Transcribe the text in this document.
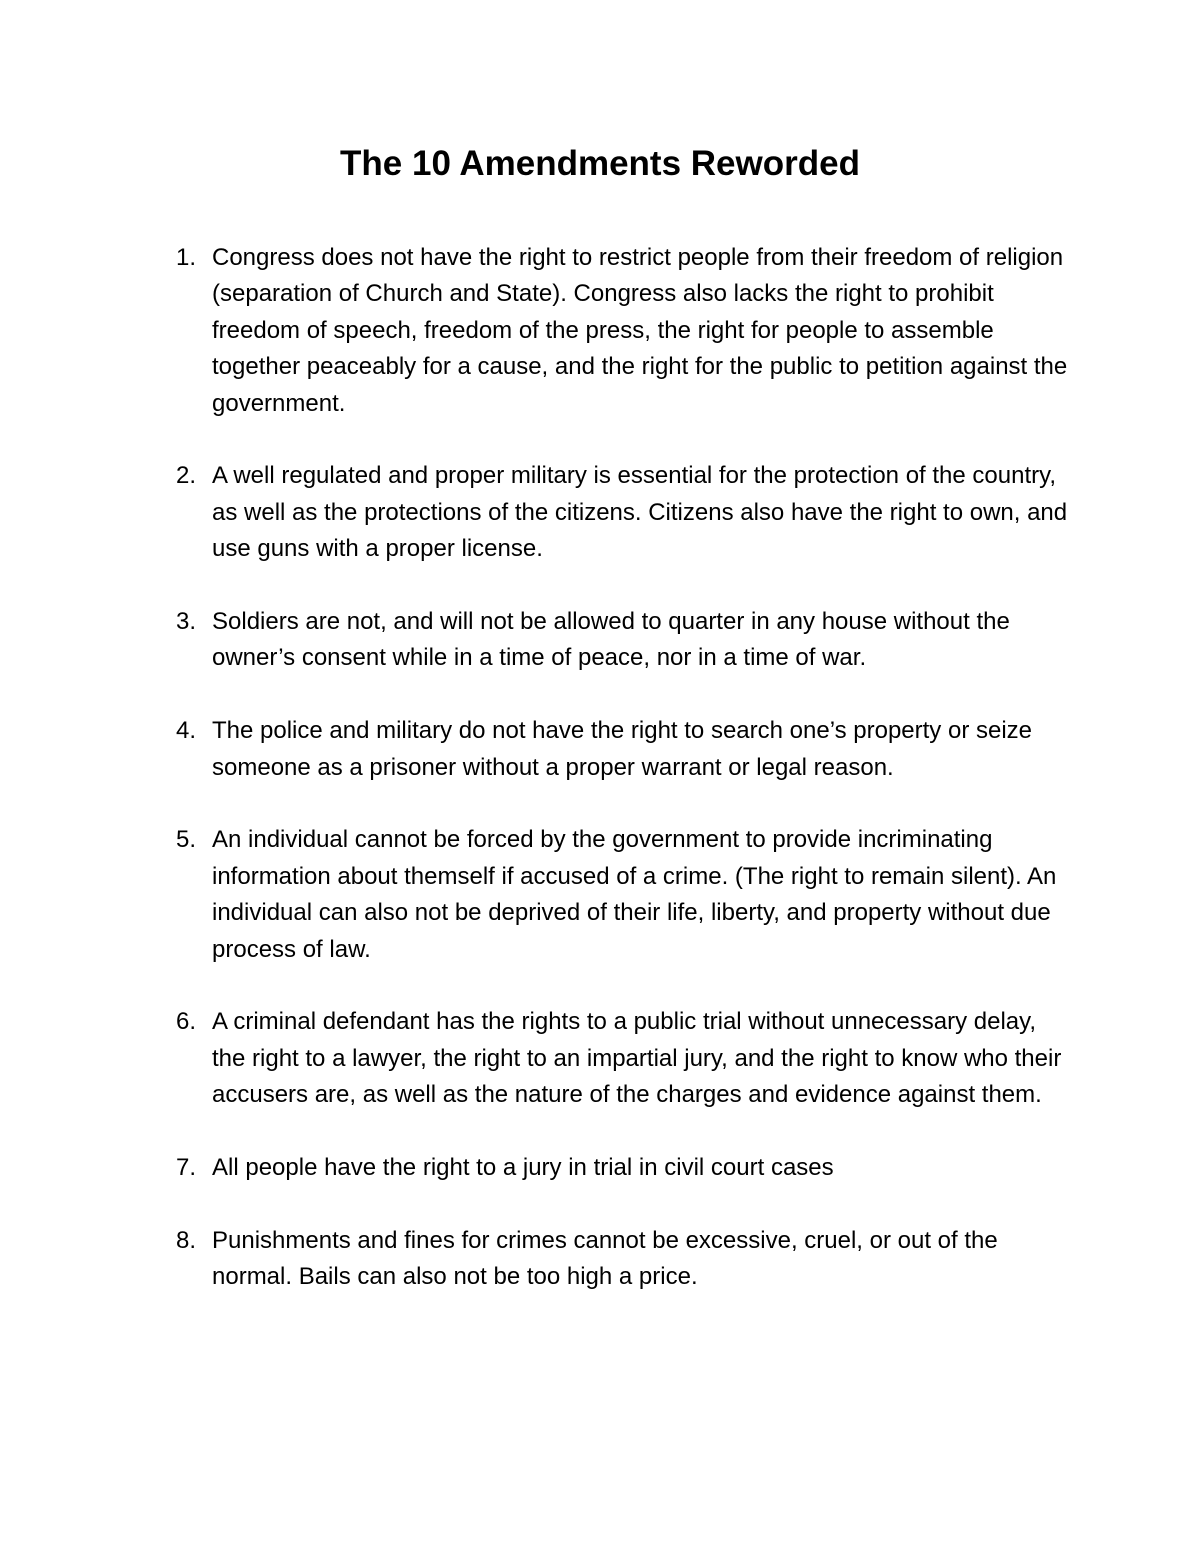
The 10 Amendments Reworded
1. Congress does not have the right to restrict people from their freedom of religion (separation of Church and State). Congress also lacks the right to prohibit freedom of speech, freedom of the press, the right for people to assemble together peaceably for a cause, and the right for the public to petition against the government.
2. A well regulated and proper military is essential for the protection of the country, as well as the protections of the citizens. Citizens also have the right to own, and use guns with a proper license.
3. Soldiers are not, and will not be allowed to quarter in any house without the owner’s consent while in a time of peace, nor in a time of war.
4. The police and military do not have the right to search one’s property or seize someone as a prisoner without a proper warrant or legal reason.
5. An individual cannot be forced by the government to provide incriminating information about themself if accused of a crime. (The right to remain silent). An individual can also not be deprived of their life, liberty, and property without due process of law.
6. A criminal defendant has the rights to a public trial without unnecessary delay, the right to a lawyer, the right to an impartial jury, and the right to know who their accusers are, as well as the nature of the charges and evidence against them.
7. All people have the right to a jury in trial in civil court cases
8. Punishments and fines for crimes cannot be excessive, cruel, or out of the normal. Bails can also not be too high a price.
